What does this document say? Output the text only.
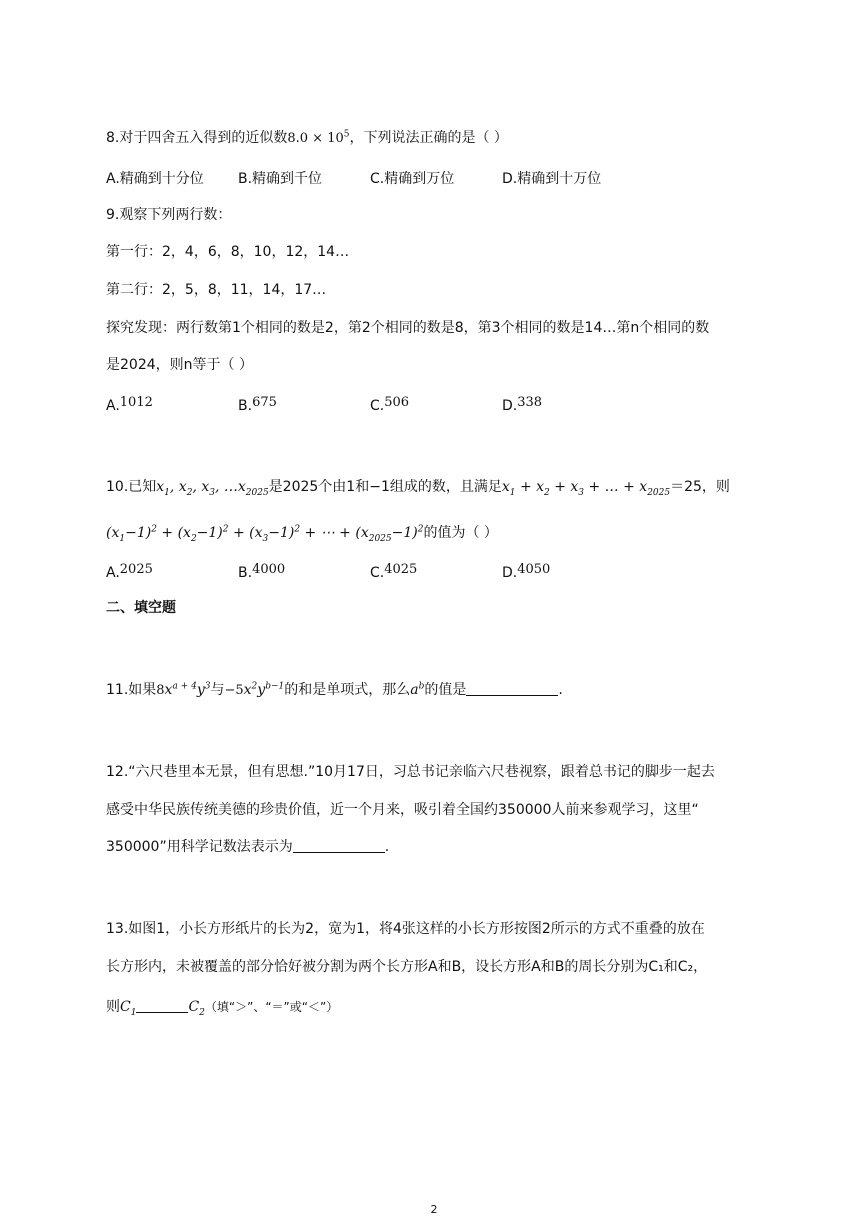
8.对于四舍五入得到的近似数$8.0 \times 10^5$，下列说法正确的是（ ）
A.精确到十分位 B.精确到千位	C.精确到万位	D.精确到十万位
9.观察下列两行数：
第一行：2，4，6，8，10，12，14…
第二行：2，5，8，11，14，17…
探究发现：两行数第1个相同的数是2，第2个相同的数是8，第3个相同的数是14…第n个相同的数
是2024，则n等于（ ）
A.1012	B.675	C.506	D.338
10.已知$x_1$, $x_2$, $x_3$, $\dots x_{2025}$是2025个由1和−1组成的数，且满足$x_1 + x_2 + x_3$ + … + $x_{2025}=25$，则
$(x_1-1)^2 + (x_2-1)^2 + (x_3-1)^2$ + ⋯ + $(x_{2025}-1)^2$的值为（ ）
A.2025	B.4000	C.4025	D.4050
二、填空题
11.如果$8x^{a + 4}y^3$与$-5x^2y^{b-1}$的和是单项式，那么$a^b$的值是	.
12.“六尺巷里本无景，但有思想.”10月17日，习总书记亲临六尺巷视察，跟着总书记的脚步一起去
感受中华民族传统美德的珍贵价值，近一个月来，吸引着全国约350000人前来参观学习，这里“
350000”用科学记数法表示为	.
13.如图1，小长方形纸片的长为2，宽为1，将4张这样的小长方形按图2所示的方式不重叠的放在
长方形内，未被覆盖的部分恰好被分割为两个长方形A和B，设长方形A和B的周长分别为C₁和C₂，
则$C_1$	$C_2$（填“＞”、“＝”或“＜”）
2
